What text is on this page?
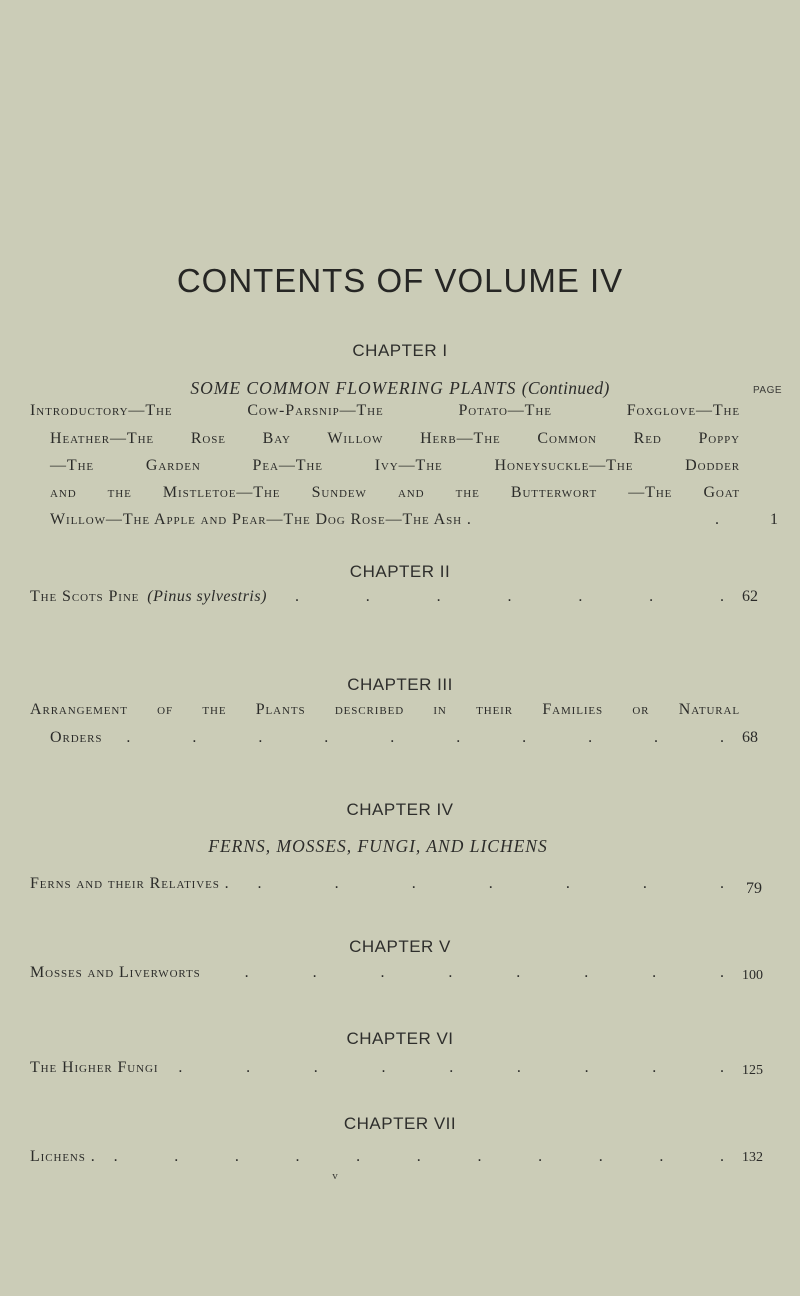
CONTENTS OF VOLUME IV
CHAPTER I
SOME COMMON FLOWERING PLANTS (Continued)	PAGE
Introductory—The Cow-Parsnip—The Potato—The Foxglove—The
Heather—The Rose Bay Willow Herb—The Common Red Poppy
—The Garden Pea—The Ivy—The Honeysuckle—The Dodder
and the Mistletoe—The Sundew and the Butterwort —The Goat
Willow—The Apple and Pear—The Dog Rose—The Ash .	.	1
CHAPTER II
The Scots Pine (Pinus sylvestris)	. . . . . . .	62
CHAPTER III
Arrangement of the Plants described in their Families or Natural
Orders	. . . . . . . . . .	68
CHAPTER IV
FERNS, MOSSES, FUNGI, AND LICHENS
Ferns and their Relatives .	. . . . . . .	79
CHAPTER V
Mosses and Liverworts	. . . . . . . .	100
CHAPTER VI
The Higher Fungi	. . . . . . . . .	125
CHAPTER VII
Lichens .	. . . . . . . . . . .	132
v
